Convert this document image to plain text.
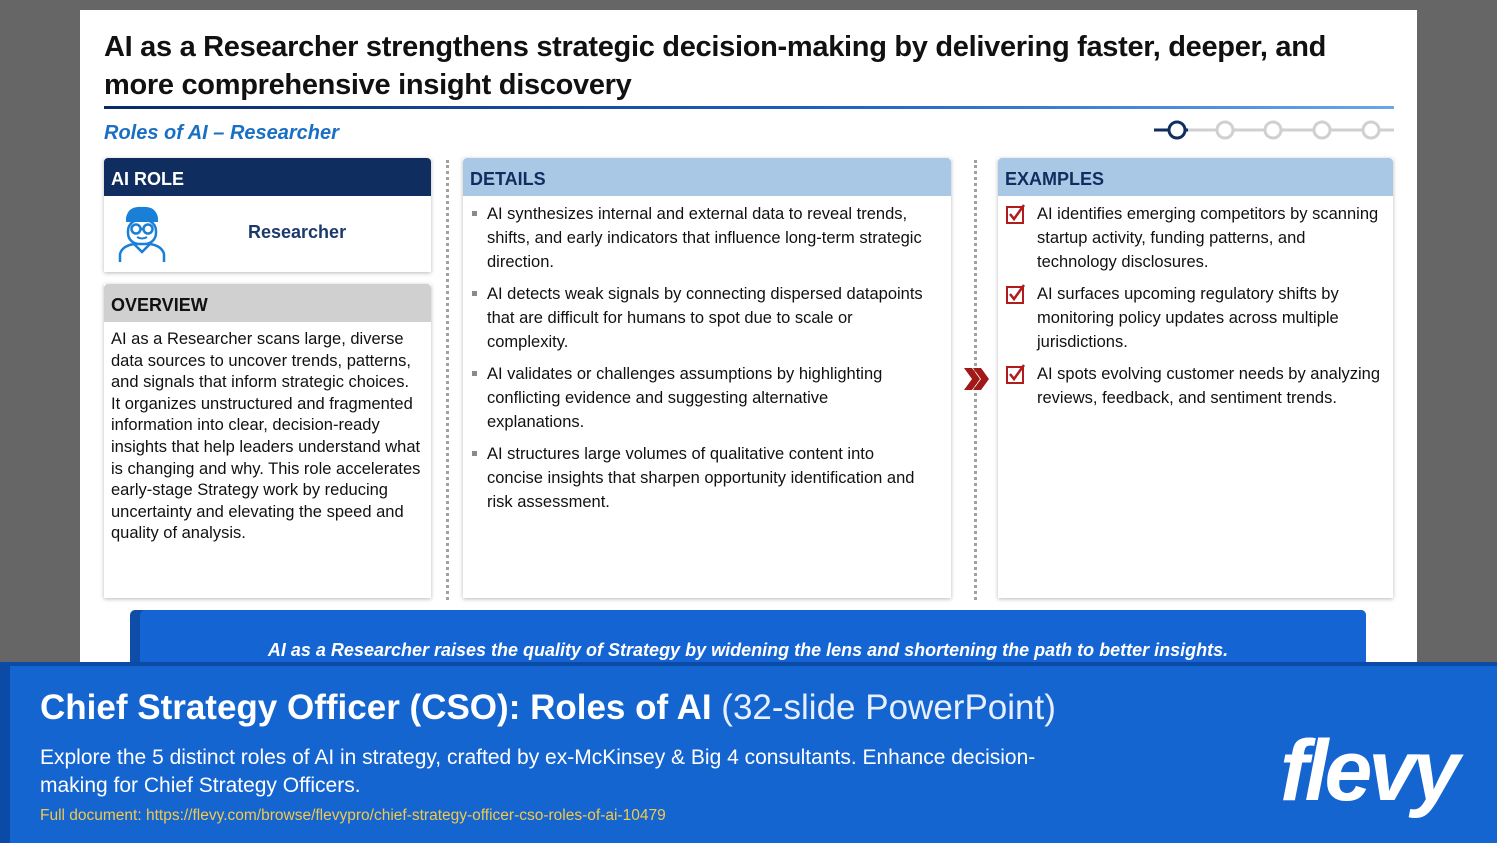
AI as a Researcher strengthens strategic decision-making by delivering faster, deeper, and more comprehensive insight discovery
Roles of AI – Researcher
AI ROLE
Researcher
OVERVIEW
AI as a Researcher scans large, diverse data sources to uncover trends, patterns, and signals that inform strategic choices. It organizes unstructured and fragmented information into clear, decision-ready insights that help leaders understand what is changing and why. This role accelerates early-stage Strategy work by reducing uncertainty and elevating the speed and quality of analysis.
DETAILS
AI synthesizes internal and external data to reveal trends, shifts, and early indicators that influence long-term strategic direction.
AI detects weak signals by connecting dispersed datapoints that are difficult for humans to spot due to scale or complexity.
AI validates or challenges assumptions by highlighting conflicting evidence and suggesting alternative explanations.
AI structures large volumes of qualitative content into concise insights that sharpen opportunity identification and risk assessment.
EXAMPLES
AI identifies emerging competitors by scanning startup activity, funding patterns, and technology disclosures.
AI surfaces upcoming regulatory shifts by monitoring policy updates across multiple jurisdictions.
AI spots evolving customer needs by analyzing reviews, feedback, and sentiment trends.
AI as a Researcher raises the quality of Strategy by widening the lens and shortening the path to better insights.
Chief Strategy Officer (CSO): Roles of AI (32-slide PowerPoint)
Explore the 5 distinct roles of AI in strategy, crafted by ex-McKinsey & Big 4 consultants. Enhance decision-making for Chief Strategy Officers.
Full document: https://flevy.com/browse/flevypro/chief-strategy-officer-cso-roles-of-ai-10479	flevy
